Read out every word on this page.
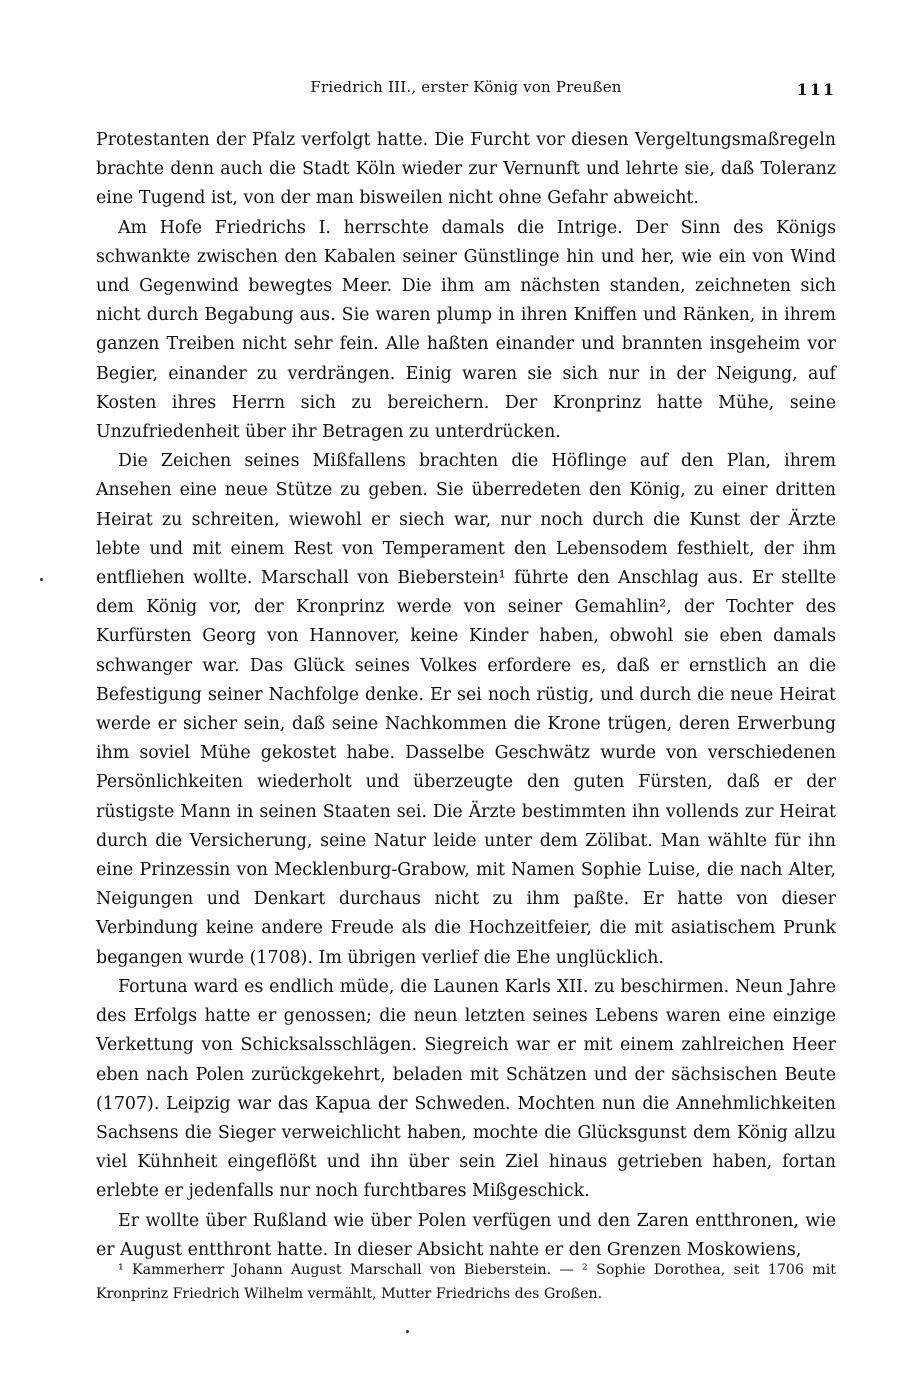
Friedrich III., erster König von Preußen	111

Protestanten der Pfalz verfolgt hatte. Die Furcht vor diesen Vergeltungsmaßregeln brachte denn auch die Stadt Köln wieder zur Vernunft und lehrte sie, daß Toleranz eine Tugend ist, von der man bisweilen nicht ohne Gefahr abweicht.

Am Hofe Friedrichs I. herrschte damals die Intrige. Der Sinn des Königs schwankte zwischen den Kabalen seiner Günstlinge hin und her, wie ein von Wind und Gegenwind bewegtes Meer. Die ihm am nächsten standen, zeichneten sich nicht durch Begabung aus. Sie waren plump in ihren Kniffen und Ränken, in ihrem ganzen Treiben nicht sehr fein. Alle haßten einander und brannten insgeheim vor Begier, einander zu verdrängen. Einig waren sie sich nur in der Neigung, auf Kosten ihres Herrn sich zu bereichern. Der Kronprinz hatte Mühe, seine Unzufriedenheit über ihr Betragen zu unterdrücken.

Die Zeichen seines Mißfallens brachten die Höflinge auf den Plan, ihrem Ansehen eine neue Stütze zu geben. Sie überredeten den König, zu einer dritten Heirat zu schreiten, wiewohl er siech war, nur noch durch die Kunst der Ärzte lebte und mit einem Rest von Temperament den Lebensodem festhielt, der ihm entfliehen wollte. Marschall von Bieberstein¹ führte den Anschlag aus. Er stellte dem König vor, der Kronprinz werde von seiner Gemahlin², der Tochter des Kurfürsten Georg von Hannover, keine Kinder haben, obwohl sie eben damals schwanger war. Das Glück seines Volkes erfordere es, daß er ernstlich an die Befestigung seiner Nachfolge denke. Er sei noch rüstig, und durch die neue Heirat werde er sicher sein, daß seine Nachkommen die Krone trügen, deren Erwerbung ihm soviel Mühe gekostet habe. Dasselbe Geschwätz wurde von verschiedenen Persönlichkeiten wiederholt und überzeugte den guten Fürsten, daß er der rüstigste Mann in seinen Staaten sei. Die Ärzte bestimmten ihn vollends zur Heirat durch die Versicherung, seine Natur leide unter dem Zölibat. Man wählte für ihn eine Prinzessin von Mecklenburg-Grabow, mit Namen Sophie Luise, die nach Alter, Neigungen und Denkart durchaus nicht zu ihm paßte. Er hatte von dieser Verbindung keine andere Freude als die Hochzeitfeier, die mit asiatischem Prunk begangen wurde (1708). Im übrigen verlief die Ehe unglücklich.

Fortuna ward es endlich müde, die Launen Karls XII. zu beschirmen. Neun Jahre des Erfolgs hatte er genossen; die neun letzten seines Lebens waren eine einzige Verkettung von Schicksalsschlägen. Siegreich war er mit einem zahlreichen Heer eben nach Polen zurückgekehrt, beladen mit Schätzen und der sächsischen Beute (1707). Leipzig war das Kapua der Schweden. Mochten nun die Annehmlichkeiten Sachsens die Sieger verweichlicht haben, mochte die Glücksgunst dem König allzu viel Kühnheit eingeflößt und ihn über sein Ziel hinaus getrieben haben, fortan erlebte er jedenfalls nur noch furchtbares Mißgeschick.

Er wollte über Rußland wie über Polen verfügen und den Zaren entthronen, wie er August entthront hatte. In dieser Absicht nahte er den Grenzen Moskowiens,

¹ Kammerherr Johann August Marschall von Bieberstein. — ² Sophie Dorothea, seit 1706 mit Kronprinz Friedrich Wilhelm vermählt, Mutter Friedrichs des Großen.
